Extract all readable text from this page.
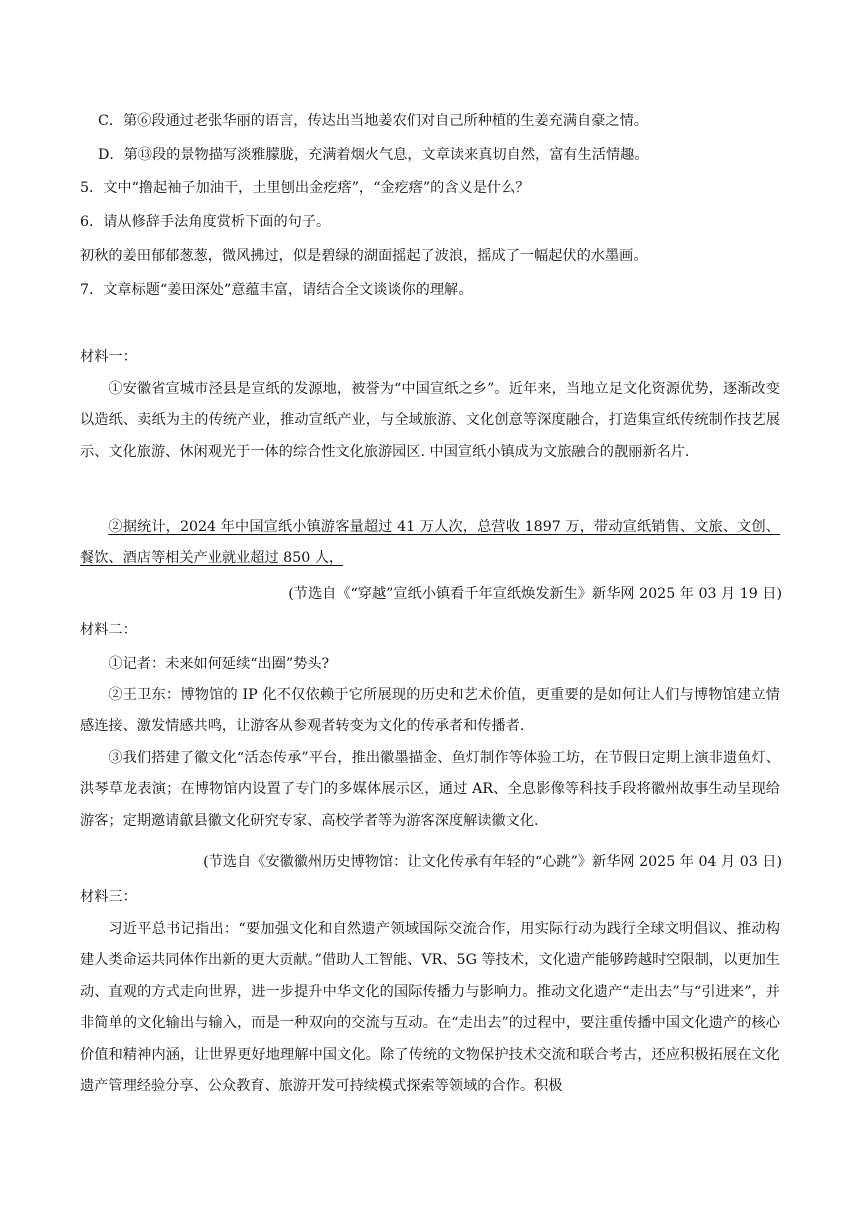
C．第⑥段通过老张华丽的语言，传达出当地姜农们对自己所种植的生姜充满自豪之情。
D．第⑬段的景物描写淡雅朦胧，充满着烟火气息，文章读来真切自然，富有生活情趣。
5．文中“撸起袖子加油干，土里刨出金疙瘩”，“金疙瘩”的含义是什么？
6．请从修辞手法角度赏析下面的句子。
初秋的姜田郁郁葱葱，微风拂过，似是碧绿的湖面摇起了波浪，摇成了一幅起伏的水墨画。
7．文章标题“姜田深处”意蕴丰富，请结合全文谈谈你的理解。
材料一：
①安徽省宣城市泾县是宣纸的发源地，被誉为“中国宣纸之乡”。近年来，当地立足文化资源优势，逐渐改变以造纸、卖纸为主的传统产业，推动宣纸产业，与全域旅游、文化创意等深度融合，打造集宣纸传统制作技艺展示、文化旅游、休闲观光于一体的综合性文化旅游园区. 中国宣纸小镇成为文旅融合的靓丽新名片.
②据统计，2024 年中国宣纸小镇游客量超过 41 万人次，总营收 1897 万，带动宣纸销售、文旅、文创、餐饮、酒店等相关产业就业超过 850 人，
(节选自《“穿越”宣纸小镇看千年宣纸焕发新生》新华网 2025 年 03 月 19 日)
材料二：
①记者：未来如何延续“出圈”势头?
②王卫东：博物馆的 IP 化不仅依赖于它所展现的历史和艺术价值，更重要的是如何让人们与博物馆建立情感连接、激发情感共鸣，让游客从参观者转变为文化的传承者和传播者.
③我们搭建了徽文化“活态传承”平台，推出徽墨描金、鱼灯制作等体验工坊，在节假日定期上演非遗鱼灯、洪琴草龙表演；在博物馆内设置了专门的多媒体展示区，通过 AR、全息影像等科技手段将徽州故事生动呈现给游客；定期邀请歙县徽文化研究专家、高校学者等为游客深度解读徽文化.
(节选自《安徽徽州历史博物馆：让文化传承有年轻的“心跳”》新华网 2025 年 04 月 03 日)
材料三：
习近平总书记指出：“要加强文化和自然遗产领域国际交流合作，用实际行动为践行全球文明倡议、推动构建人类命运共同体作出新的更大贡献。”借助人工智能、VR、5G 等技术，文化遗产能够跨越时空限制，以更加生动、直观的方式走向世界，进一步提升中华文化的国际传播力与影响力。推动文化遗产“走出去”与“引进来”，并非简单的文化输出与输入，而是一种双向的交流与互动。在“走出去”的过程中，要注重传播中国文化遗产的核心价值和精神内涵，让世界更好地理解中国文化。除了传统的文物保护技术交流和联合考古，还应积极拓展在文化遗产管理经验分享、公众教育、旅游开发可持续模式探索等领域的合作。积极
